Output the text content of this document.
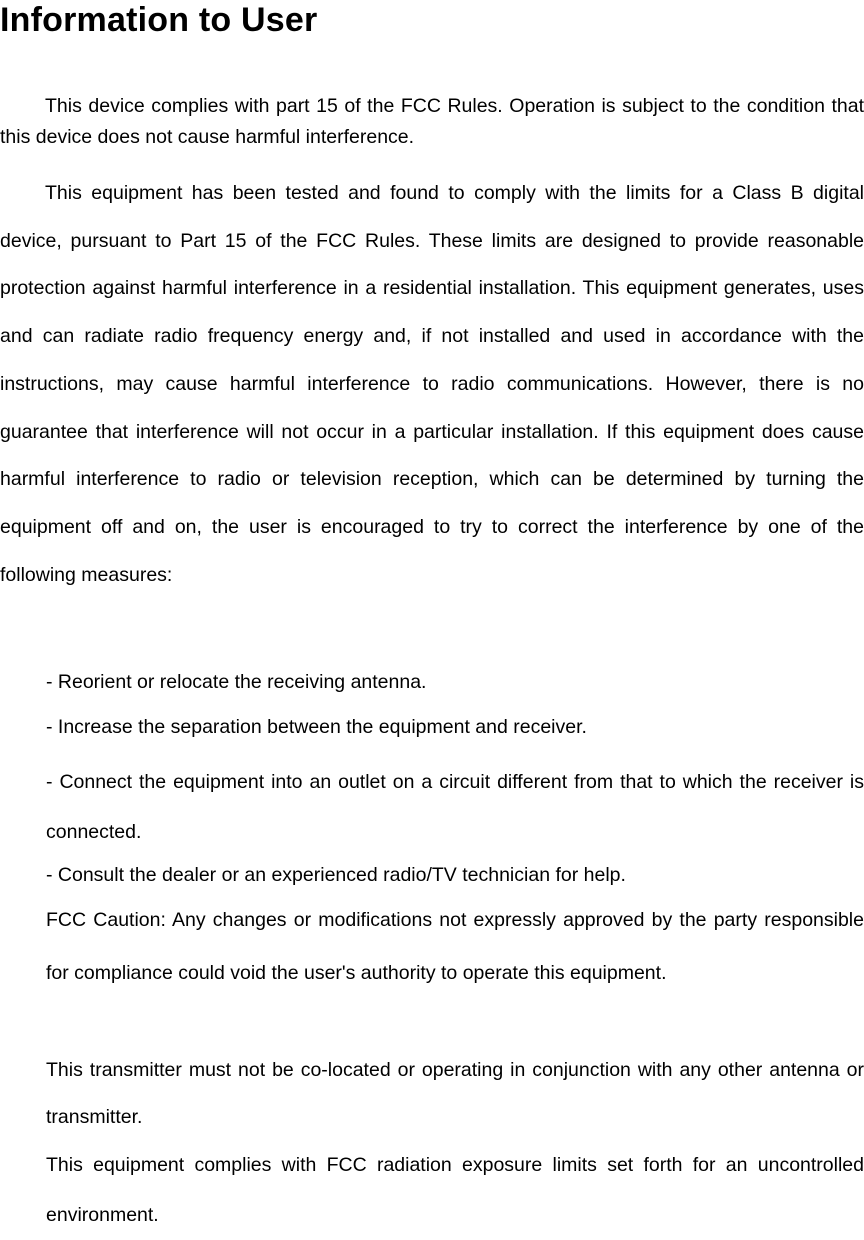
Information to User

This device complies with part 15 of the FCC Rules. Operation is subject to the condition that this device does not cause harmful interference.

This equipment has been tested and found to comply with the limits for a Class B digital device, pursuant to Part 15 of the FCC Rules. These limits are designed to provide reasonable protection against harmful interference in a residential installation. This equipment generates, uses and can radiate radio frequency energy and, if not installed and used in accordance with the instructions, may cause harmful interference to radio communications. However, there is no guarantee that interference will not occur in a particular installation. If this equipment does cause harmful interference to radio or television reception, which can be determined by turning the equipment off and on, the user is encouraged to try to correct the interference by one of the following measures:

- Reorient or relocate the receiving antenna.

- Increase the separation between the equipment and receiver.

- Connect the equipment into an outlet on a circuit different from that to which the receiver is connected.

- Consult the dealer or an experienced radio/TV technician for help.

FCC Caution: Any changes or modifications not expressly approved by the party responsible for compliance could void the user's authority to operate this equipment.

This transmitter must not be co-located or operating in conjunction with any other antenna or transmitter.

This equipment complies with FCC radiation exposure limits set forth for an uncontrolled environment.
